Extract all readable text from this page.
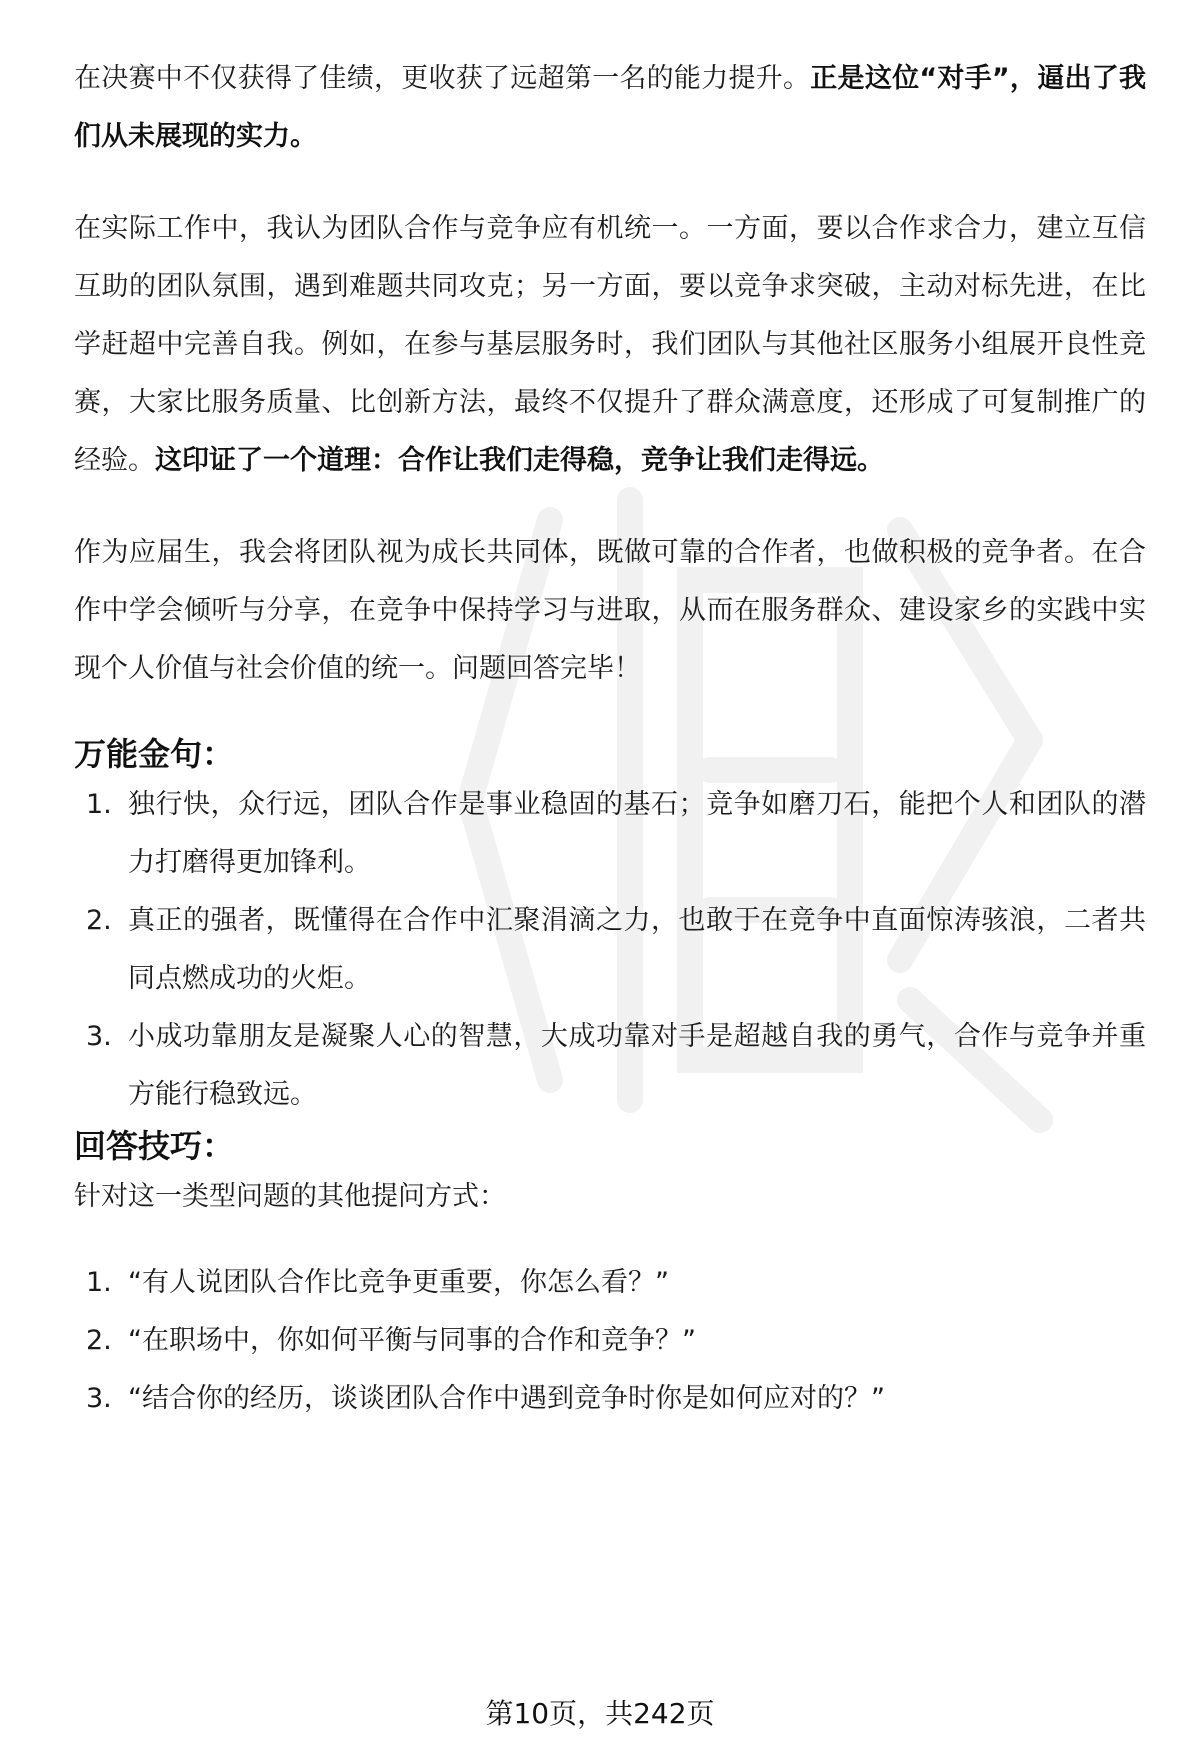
在决赛中不仅获得了佳绩，更收获了远超第一名的能力提升。正是这位“对手”，逼出了我们从未展现的实力。

在实际工作中，我认为团队合作与竞争应有机统一。一方面，要以合作求合力，建立互信互助的团队氛围，遇到难题共同攻克；另一方面，要以竞争求突破，主动对标先进，在比学赶超中完善自我。例如，在参与基层服务时，我们团队与其他社区服务小组展开良性竞赛，大家比服务质量、比创新方法，最终不仅提升了群众满意度，还形成了可复制推广的经验。这印证了一个道理：合作让我们走得稳，竞争让我们走得远。

作为应届生，我会将团队视为成长共同体，既做可靠的合作者，也做积极的竞争者。在合作中学会倾听与分享，在竞争中保持学习与进取，从而在服务群众、建设家乡的实践中实现个人价值与社会价值的统一。问题回答完毕！

万能金句：
1. 独行快，众行远，团队合作是事业稳固的基石；竞争如磨刀石，能把个人和团队的潜力打磨得更加锋利。
2. 真正的强者，既懂得在合作中汇聚涓滴之力，也敢于在竞争中直面惊涛骇浪，二者共同点燃成功的火炬。
3. 小成功靠朋友是凝聚人心的智慧，大成功靠对手是超越自我的勇气，合作与竞争并重方能行稳致远。
回答技巧：

针对这一类型问题的其他提问方式：

1. “有人说团队合作比竞争更重要，你怎么看？”
2. “在职场中，你如何平衡与同事的合作和竞争？”
3. “结合你的经历，谈谈团队合作中遇到竞争时你是如何应对的？”
第10页，共242页
